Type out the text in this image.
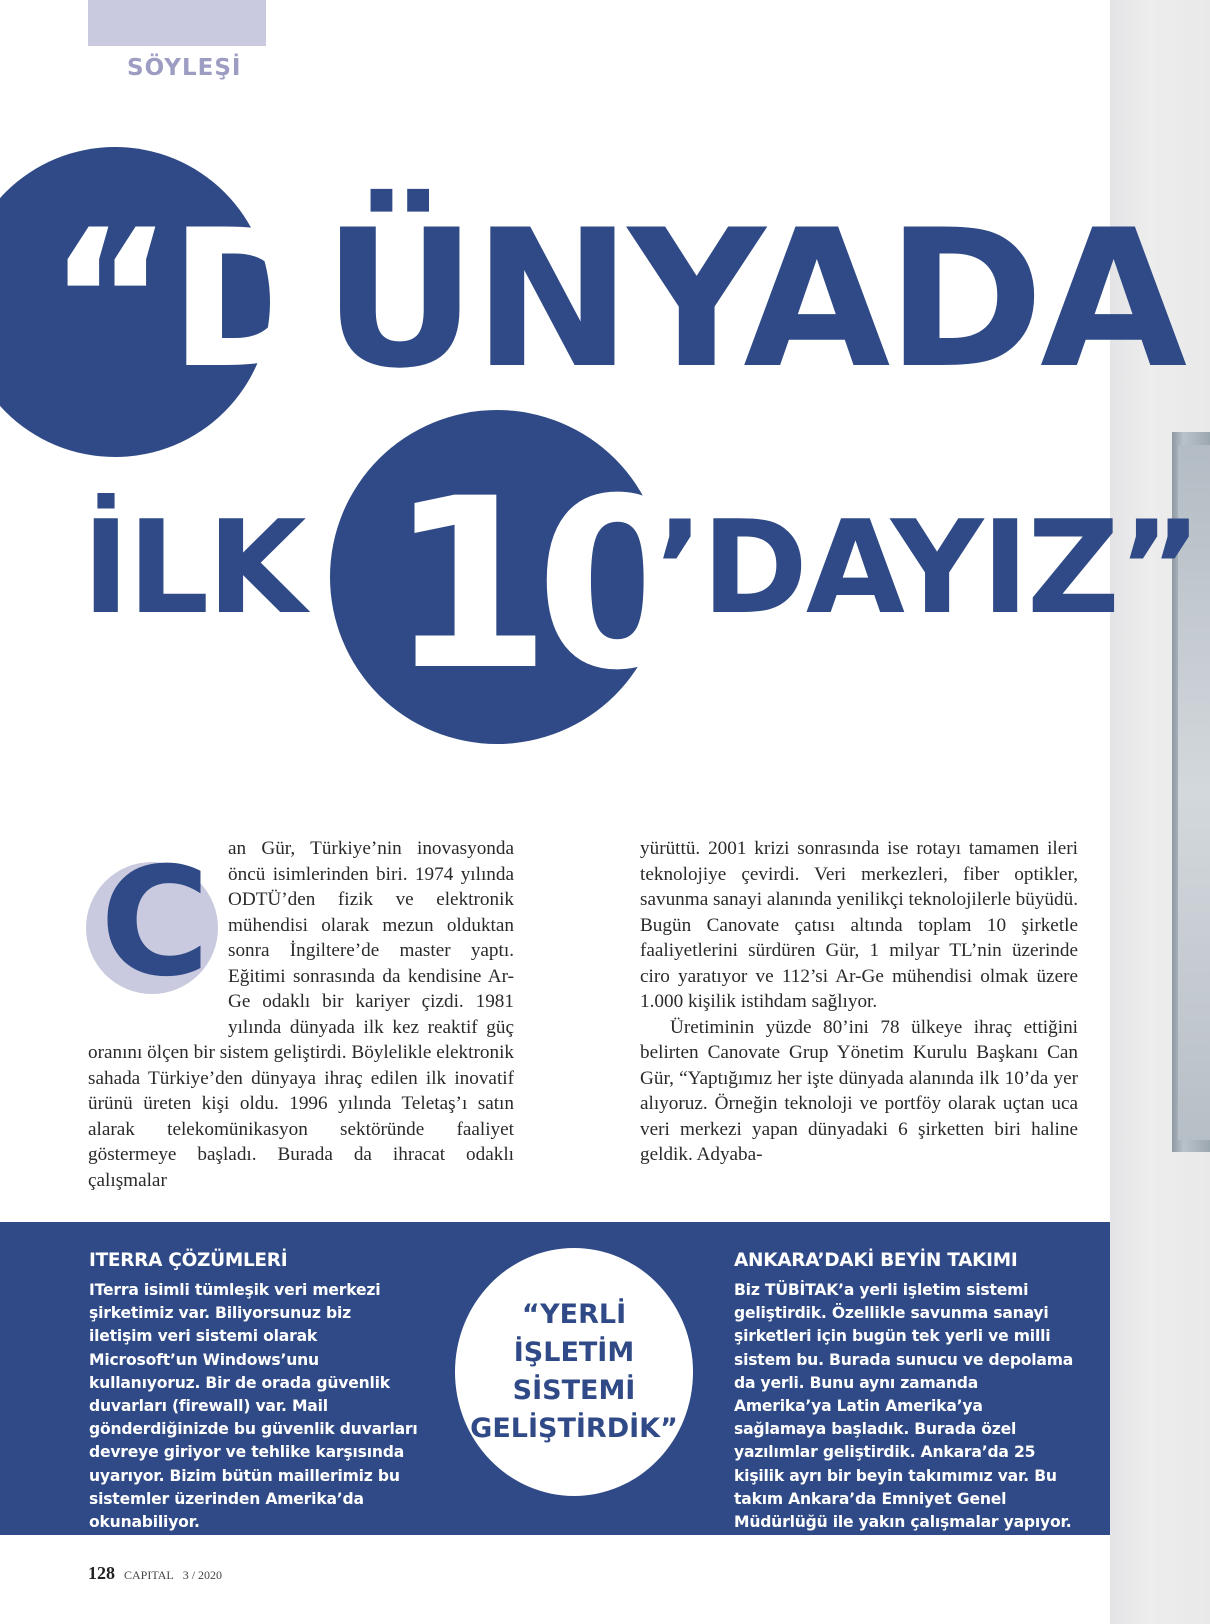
SÖYLEŞİ
“DÜNYADA
İLK 10
’DAYIZ”
C an Gür, Türkiye’nin inovasyonda öncü isimlerinden biri. 1974 yılında ODTÜ’den fizik ve elektronik mühendisi olarak mezun olduktan sonra İngiltere’de master yaptı. Eğitimi sonrasında da kendisine Ar-Ge odaklı bir kariyer çizdi. 1981 yılında dünyada ilk kez reaktif güç oranını ölçen bir sistem geliştirdi. Böylelikle elektronik sahada Türkiye’den dünyaya ihraç edilen ilk inovatif ürünü üreten kişi oldu. 1996 yılında Teletaş’ı satın alarak telekomünikasyon sektöründe faaliyet göstermeye başladı. Burada da ihracat odaklı çalışmalar

yürüttü. 2001 krizi sonrasında ise rotayı tamamen ileri teknolojiye çevirdi. Veri merkezleri, fiber optikler, savunma sanayi alanında yenilikçi teknolojilerle büyüdü. Bugün Canovate çatısı altında toplam 10 şirketle faaliyetlerini sürdüren Gür, 1 milyar TL’nin üzerinde ciro yaratıyor ve 112’si Ar-Ge mühendisi olmak üzere 1.000 kişilik istihdam sağlıyor.

Üretiminin yüzde 80’ini 78 ülkeye ihraç ettiğini belirten Canovate Grup Yönetim Kurulu Başkanı Can Gür, “Yaptığımız her işte dünyada alanında ilk 10’da yer alıyoruz. Örneğin teknoloji ve portföy olarak uçtan uca veri merkezi yapan dünyadaki 6 şirketten biri haline geldik. Adyaba-

ITERRA ÇÖZÜMLERİ

ITerra isimli tümleşik veri merkezi şirketimiz var. Biliyorsunuz biz iletişim veri sistemi olarak Microsoft’un Windows’unu kullanıyoruz. Bir de orada güvenlik duvarları (firewall) var. Mail gönderdiğinizde bu güvenlik duvarları devreye giriyor ve tehlike karşısında uyarıyor. Bizim bütün maillerimiz bu sistemler üzerinden Amerika’da okunabiliyor.

“YERLİ
İŞLETİM
SİSTEMİ
GELİŞTİRDİK”
ANKARA’DAKİ BEYİN TAKIMI

Biz TÜBİTAK’a yerli işletim sistemi geliştirdik. Özellikle savunma sanayi şirketleri için bugün tek yerli ve milli sistem bu. Burada sunucu ve depolama da yerli. Bunu aynı zamanda Amerika’ya Latin Amerika’ya sağlamaya başladık. Burada özel yazılımlar geliştirdik. Ankara’da 25 kişilik ayrı bir beyin takımımız var. Bu takım Ankara’da Emniyet Genel Müdürlüğü ile yakın çalışmalar yapıyor.

128 CAPITAL 3 / 2020
